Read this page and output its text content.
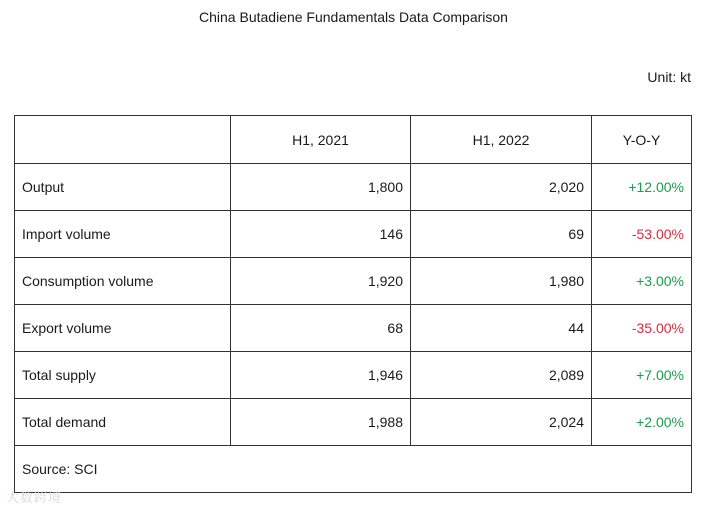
China Butadiene Fundamentals Data Comparison
Unit: kt
	H1, 2021	H1, 2022	Y-O-Y
Output	1,800	2,020	+12.00%
Import volume	146	69	-53.00%
Consumption volume	1,920	1,980	+3.00%
Export volume	68	44	-35.00%
Total supply	1,946	2,089	+7.00%
Total demand	1,988	2,024	+2.00%
Source: SCI			
大数跨境
